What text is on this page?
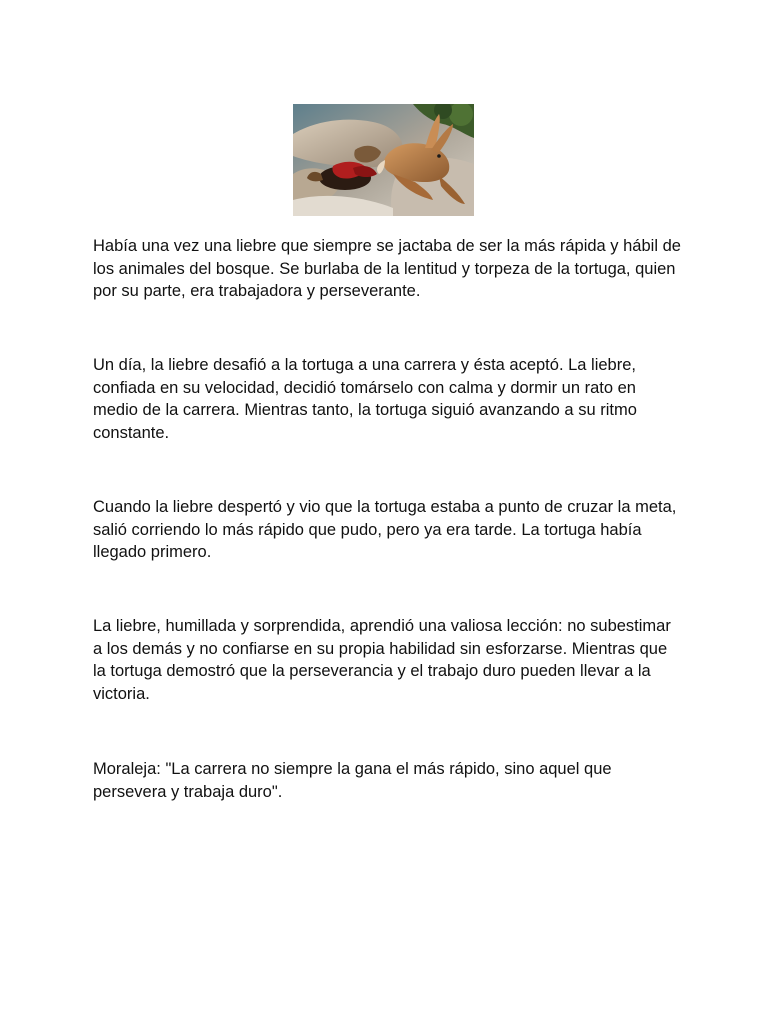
Había una vez una liebre que siempre se jactaba de ser la más rápida y hábil de los animales del bosque. Se burlaba de la lentitud y torpeza de la tortuga, quien por su parte, era trabajadora y perseverante.

Un día, la liebre desafió a la tortuga a una carrera y ésta aceptó. La liebre, confiada en su velocidad, decidió tomárselo con calma y dormir un rato en medio de la carrera. Mientras tanto, la tortuga siguió avanzando a su ritmo constante.

Cuando la liebre despertó y vio que la tortuga estaba a punto de cruzar la meta, salió corriendo lo más rápido que pudo, pero ya era tarde. La tortuga había llegado primero.

La liebre, humillada y sorprendida, aprendió una valiosa lección: no subestimar a los demás y no confiarse en su propia habilidad sin esforzarse. Mientras que la tortuga demostró que la perseverancia y el trabajo duro pueden llevar a la victoria.

Moraleja: "La carrera no siempre la gana el más rápido, sino aquel que persevera y trabaja duro".
